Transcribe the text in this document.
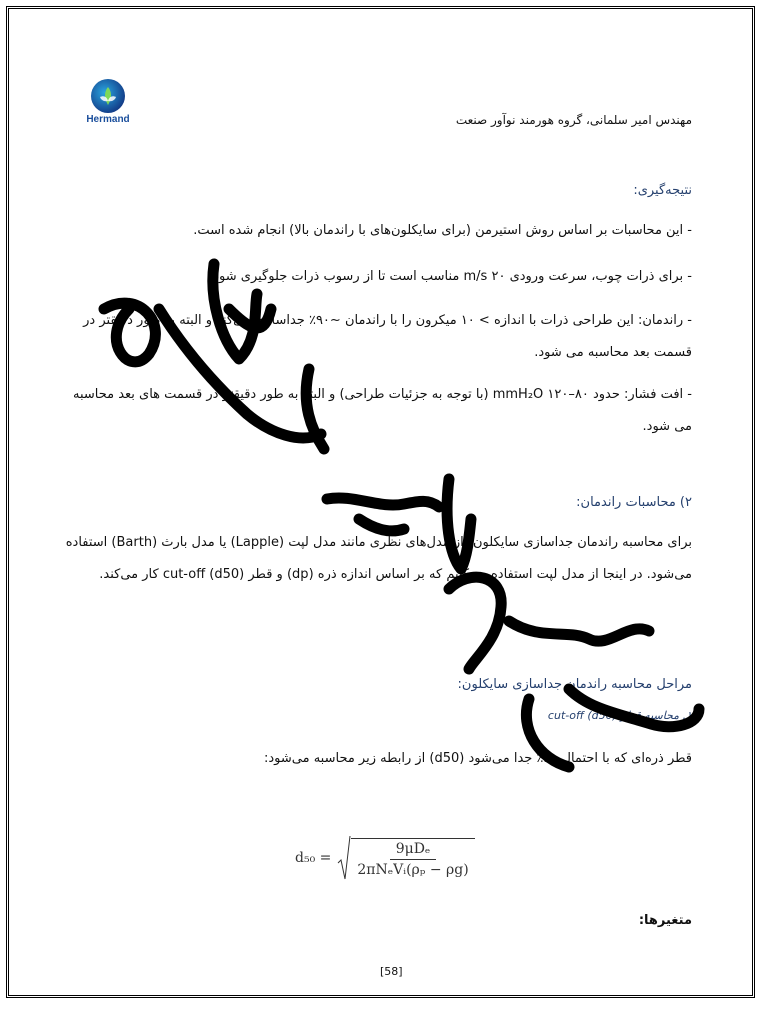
Hermand	مهندس امیر سلمانی، گروه هورمند نوآور صنعت
نتیجه‌گیری:
- این محاسبات بر اساس روش استیرمن (برای سایکلون‌های با راندمان بالا) انجام شده است.
- برای ذرات چوب، سرعت ورودی ۲۰ m/s مناسب است تا از رسوب ذرات جلوگیری شود.
- راندمان: این طراحی ذرات با اندازه > ۱۰ میکرون را با راندمان ~۹۰٪ جداسازی می‌کند و البته به طور دقیقتر در قسمت بعد محاسبه می شود.
- افت فشار: حدود ۸۰–۱۲۰ mmH₂O (با توجه به جزئیات طراحی) و البته به طور دقیقتر در قسمت های بعد محاسبه می شود.
۲) محاسبات راندمان:
برای محاسبه راندمان جداسازی سایکلون (از مدل‌های نظری مانند مدل لپت (Lapple) یا مدل بارث (Barth) استفاده می‌شود. در اینجا از مدل لپت استفاده می‌کنیم که بر اساس اندازه ذره (dp) و قطر cut-off (d50) کار می‌کند.
مراحل محاسبه راندمان جداسازی سایکلون:
۱. محاسبه قطر cut-off (d50)
قطر ذره‌ای که با احتمال ۵۰٪ جدا می‌شود (d50) از رابطه زیر محاسبه می‌شود:
$d_{50} = \frac{\text{9μDₑ}}{\text{2πNₑVᵢ(ρₚ − ρg)}}$
متغیرها:
[58]
